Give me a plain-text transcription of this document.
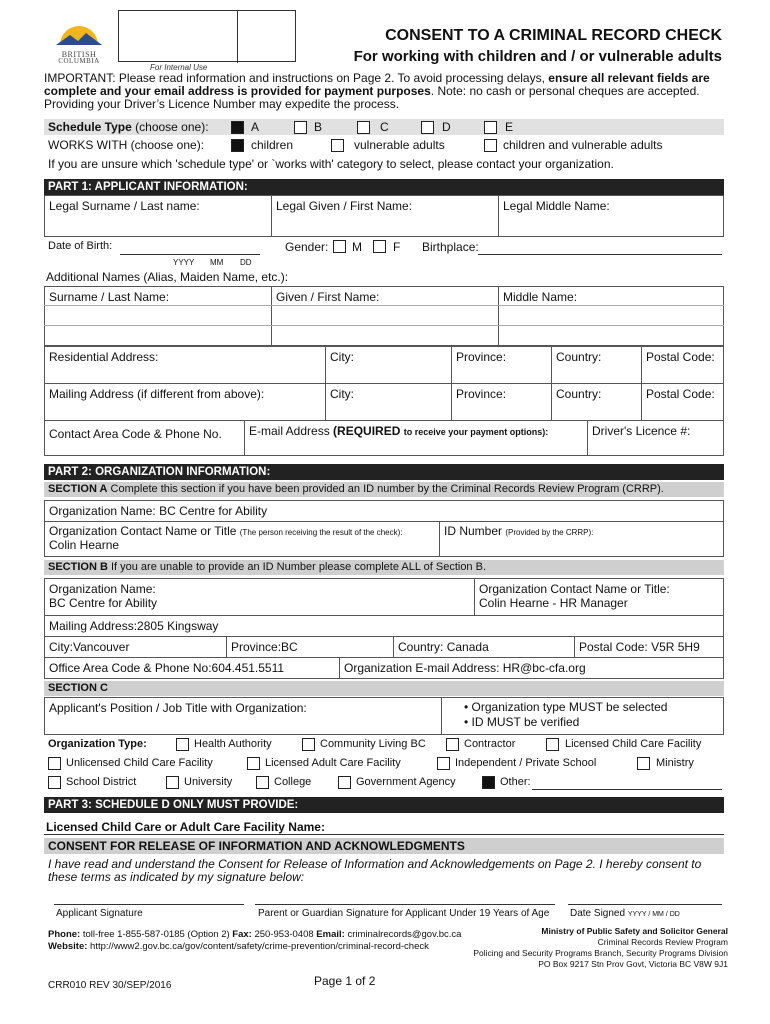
BRITISH
COLUMBIA
For Internal Use
CONSENT TO A CRIMINAL RECORD CHECK
For working with children and / or vulnerable adults
IMPORTANT: Please read information and instructions on Page 2. To avoid processing delays, ensure all relevant fields are complete and your email address is provided for payment purposes. Note: no cash or personal cheques are accepted. Providing your Driver’s Licence Number may expedite the process.
Schedule Type (choose one):	A	B	C	D	E
WORKS WITH (choose one):	children	vulnerable adults	children and vulnerable adults
If you are unsure which 'schedule type' or `works with' category to select, please contact your organization.
PART 1: APPLICANT INFORMATION:
Legal Surname / Last name:	Legal Given / First Name:	Legal Middle Name:
Date of Birth:
YYYY MM DD
Gender: M	F Birthplace:
Additional Names (Alias, Maiden Name, etc.):
Surname / Last Name:	Given / First Name:	Middle Name:
Residential Address:	City:	Province:	Country:	Postal Code:
Mailing Address (if different from above):	City:	Province:	Country:	Postal Code:
Contact Area Code & Phone No.	E-mail Address (REQUIRED to receive your payment options):	Driver's Licence #:
PART 2: ORGANIZATION INFORMATION:
SECTION A Complete this section if you have been provided an ID number by the Criminal Records Review Program (CRRP).
Organization Name: BC Centre for Ability
Organization Contact Name or Title (The person receiving the result of the check):
Colin Hearne
ID Number (Provided by the CRRP):
SECTION B If you are unable to provide an ID Number please complete ALL of Section B.
Organization Name:
BC Centre for Ability
Organization Contact Name or Title:
Colin Hearne - HR Manager
Mailing Address:2805 Kingsway
City:Vancouver	Province:BC	Country: Canada	Postal Code: V5R 5H9
Office Area Code & Phone No:604.451.5511	Organization E-mail Address: HR@bc-cfa.org
SECTION C
Applicant's Position / Job Title with Organization:	• Organization type MUST be selected
• ID MUST be verified
Organization Type:	Health Authority	Community Living BC	Contractor	Licensed Child Care Facility
Unlicensed Child Care Facility	Licensed Adult Care Facility	Independent / Private School	Ministry
School District	University	College	Government Agency	Other:
PART 3: SCHEDULE D ONLY MUST PROVIDE:
Licensed Child Care or Adult Care Facility Name:
CONSENT FOR RELEASE OF INFORMATION AND ACKNOWLEDGMENTS
I have read and understand the Consent for Release of Information and Acknowledgements on Page 2. I hereby consent to these terms as indicated by my signature below:
Applicant Signature	Parent or Guardian Signature for Applicant Under 19 Years of Age Date Signed YYYY / MM / DD
Phone: toll-free 1-855-587-0185 (Option 2) Fax: 250-953-0408 Email: criminalrecords@gov.bc.ca
Website: http://www2.gov.bc.ca/gov/content/safety/crime-prevention/criminal-record-check
Ministry of Public Safety and Solicitor General
Criminal Records Review Program
Policing and Security Programs Branch, Security Programs Division
PO Box 9217 Stn Prov Govt, Victoria BC V8W 9J1
CRR010 REV 30/SEP/2016	Page 1 of 2
